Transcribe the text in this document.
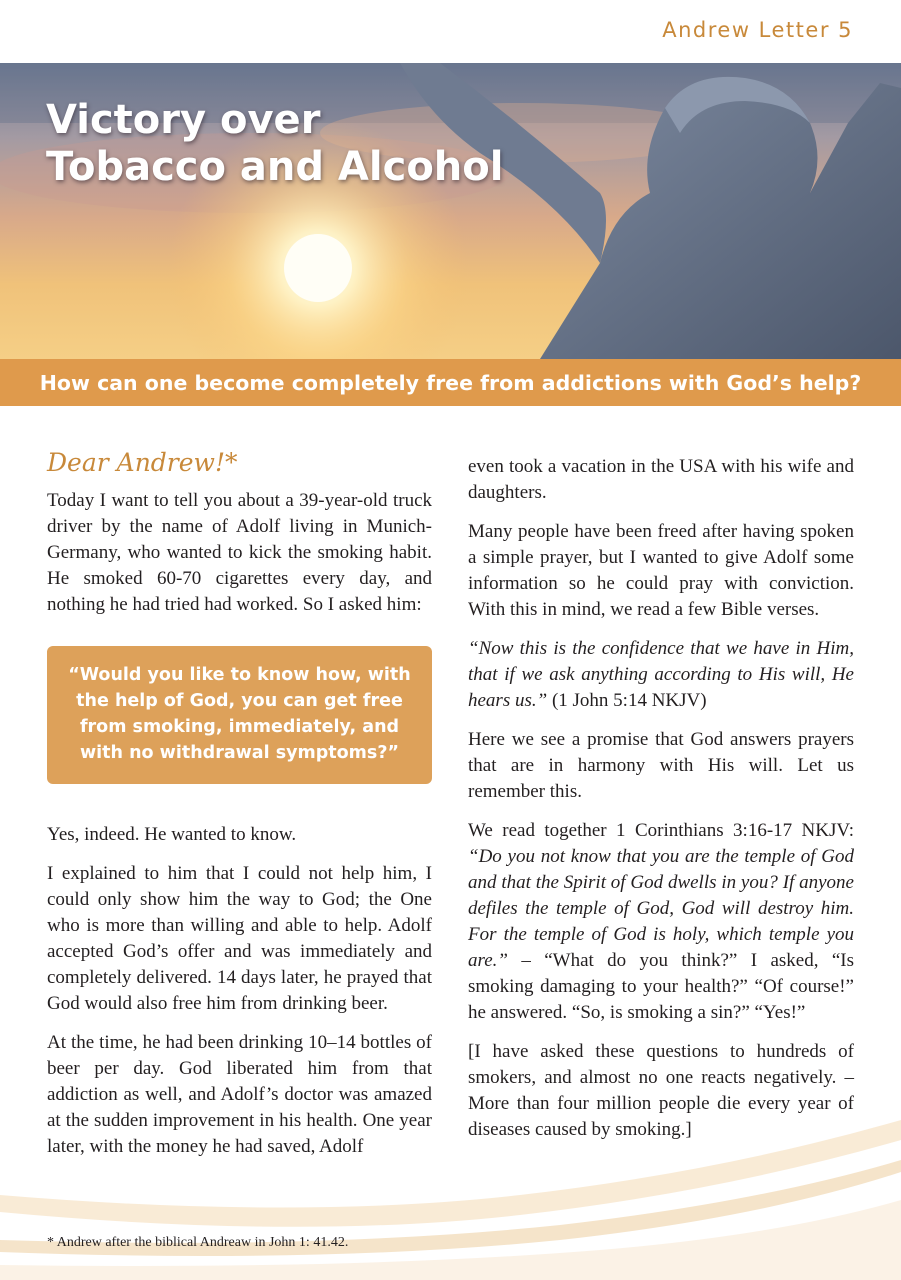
Andrew Letter 5
Victory over
Tobacco and Alcohol
How can one become completely free from addictions with God’s help?
Dear Andrew!*

Today I want to tell you about a 39-year-old truck driver by the name of Adolf living in Munich-Germany, who wanted to kick the smoking habit. He smoked 60-70 cigarettes every day, and nothing he had tried had worked. So I asked him:

“Would you like to know how, with the help of God, you can get free from smoking, immediately, and with no withdrawal symptoms?”

Yes, indeed. He wanted to know.

I explained to him that I could not help him, I could only show him the way to God; the One who is more than willing and able to help. Adolf accepted God’s offer and was immediately and completely delivered. 14 days later, he prayed that God would also free him from drinking beer.

At the time, he had been drinking 10–14 bottles of beer per day. God liberated him from that addiction as well, and Adolf’s doctor was amazed at the sudden improvement in his health. One year later, with the money he had saved, Adolf

even took a vacation in the USA with his wife and daughters.

Many people have been freed after having spoken a simple prayer, but I wanted to give Adolf some information so he could pray with conviction. With this in mind, we read a few Bible verses.

“Now this is the confidence that we have in Him, that if we ask anything according to His will, He hears us.” (1 John 5:14 NKJV)

Here we see a promise that God answers prayers that are in harmony with His will. Let us remember this.

We read together 1 Corinthians 3:16-17 NKJV: “Do you not know that you are the temple of God and that the Spirit of God dwells in you? If anyone defiles the temple of God, God will destroy him. For the temple of God is holy, which temple you are.” – “What do you think?” I asked, “Is smoking damaging to your health?” “Of course!” he answered. “So, is smoking a sin?” “Yes!”

[I have asked these questions to hundreds of smokers, and almost no one reacts negatively. – More than four million people die every year of diseases caused by smoking.]

* Andrew after the biblical Andreaw in John 1: 41.42.
